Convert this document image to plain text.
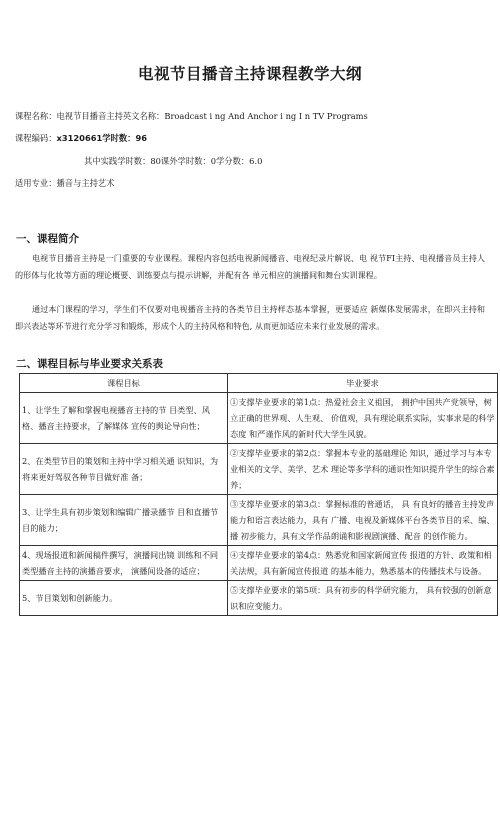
电视节目播音主持课程教学大纲
课程名称：电视节目播音主持英文名称：Broadcast i ng And Anchor i ng I n TV Programs
课程编码：x3120661学时数：96
其中实践学时数：80课外学时数：0学分数：6.0
适用专业：播音与主持艺术
一、课程简介
电视节目播音主持是一门重要的专业课程。课程内容包括电视新闻播音、电视纪录片解说、电 视节FI主持、电视播音员主持人的形体与化妆等方面的理论概要、训练要点与提示讲解，并配有各 单元相应的演播间和舞台实训课程。
通过本门课程的学习，学生们不仅要对电视播音主持的各类节目主持样态基本掌握，更要适应 新媒体发展需求，在即兴主持和即兴表达等环节进行充分学习和锻炼，形成个人的主持风格和特色, 从而更加适应未来行业发展的需求。
二、课程目标与毕业要求关系表
课程目标	毕业要求
1、让学生了解和掌握电视播音主持的节 目类型、风格、播音主持要求，了解媒体 宣传的舆论导向性；	①支撑毕业要求的第1点：热爱社会主义祖国， 拥护中国共产党领导，树立正确的世界观、人生观、 价值观，具有理论联系实际，实事求是的科学态度 和严谨作风的新时代大学生风貌。
2、在类型节目的策划和主持中学习相关通 识知识，为将来更好驾驭各种节目做好准 备；	②支撑毕业要求的第2点：掌握本专业的基础理论 知识，通过学习与本专业相关的文学、美学、艺术 理论等多学科的通识性知识提升学生的综合素养；
3、让学生具有初步策划和编辑广播录播节 目和直播节目的能力；	③支撑毕业要求的第3点：掌握标准的普通话， 具 有良好的播音主持发声能力和语言表达能力，具有 广播、电视及新媒体平台各类节目的采、编、播 初步能力，具有文学作品朗诵和影视剧演播、配音 的创作能力。
4、现场报道和新闻稿件撰写，演播间出镜 训练和不同类型播音主持的演播音要求， 演播间设备的适应；	④支撑毕业要求的第4点：熟悉党和国家新闻宣传 报道的方针、政策和相关法规，具有新闻宣传报道 的基本能力，熟悉基本的传播技术与设备。
5、节目策划和创新能力。	⑤支撑毕业要求的第5项：具有初步的科学研究能力， 具有较强的创新意识和应变能力。
